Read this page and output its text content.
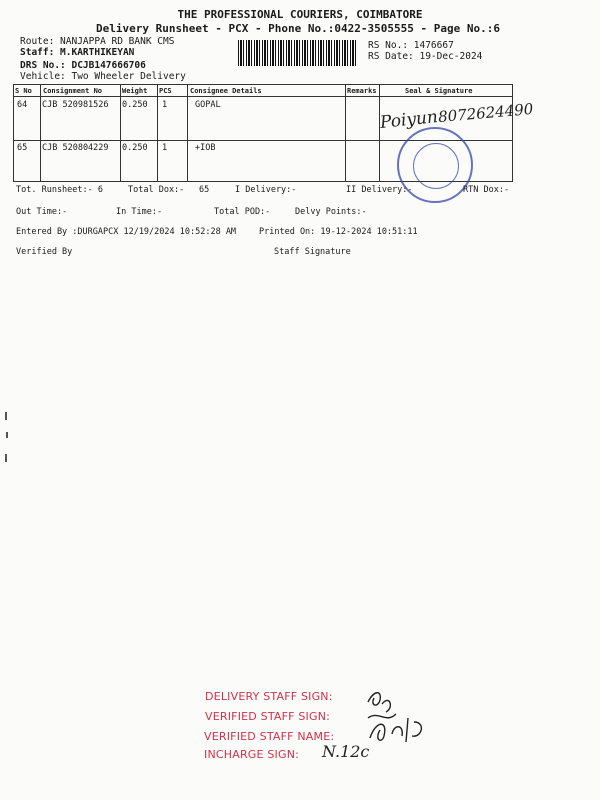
THE PROFESSIONAL COURIERS, COIMBATORE
Delivery Runsheet - PCX - Phone No.:0422-3505555 - Page No.:6
Route: NANJAPPA RD BANK CMS
Staff: M.KARTHIKEYAN
DRS No.: DCJB147666706
Vehicle: Two Wheeler Delivery
RS No.: 1476667
RS Date: 19-Dec-2024
S No Consignment No	Weight PCS	Consignee Details	Remarks	Seal & Signature
64 CJB 520981526 0.250 1	GOPAL
65 CJB 520804229 0.250 1	+IOB
Poiyun
8072624490
Tot. Runsheet:- 6	Total Dox:- 65	I Delivery:-	II Delivery:-	RTN Dox:-
Out Time:-	In Time:-	Total POD:-	Delvy Points:-
Entered By :DURGAPCX 12/19/2024 10:52:28 AM	Printed On: 19-12-2024 10:51:11
Verified By	Staff Signature
DELIVERY STAFF SIGN:
VERIFIED STAFF SIGN:
VERIFIED STAFF NAME:
INCHARGE SIGN: N.12c
